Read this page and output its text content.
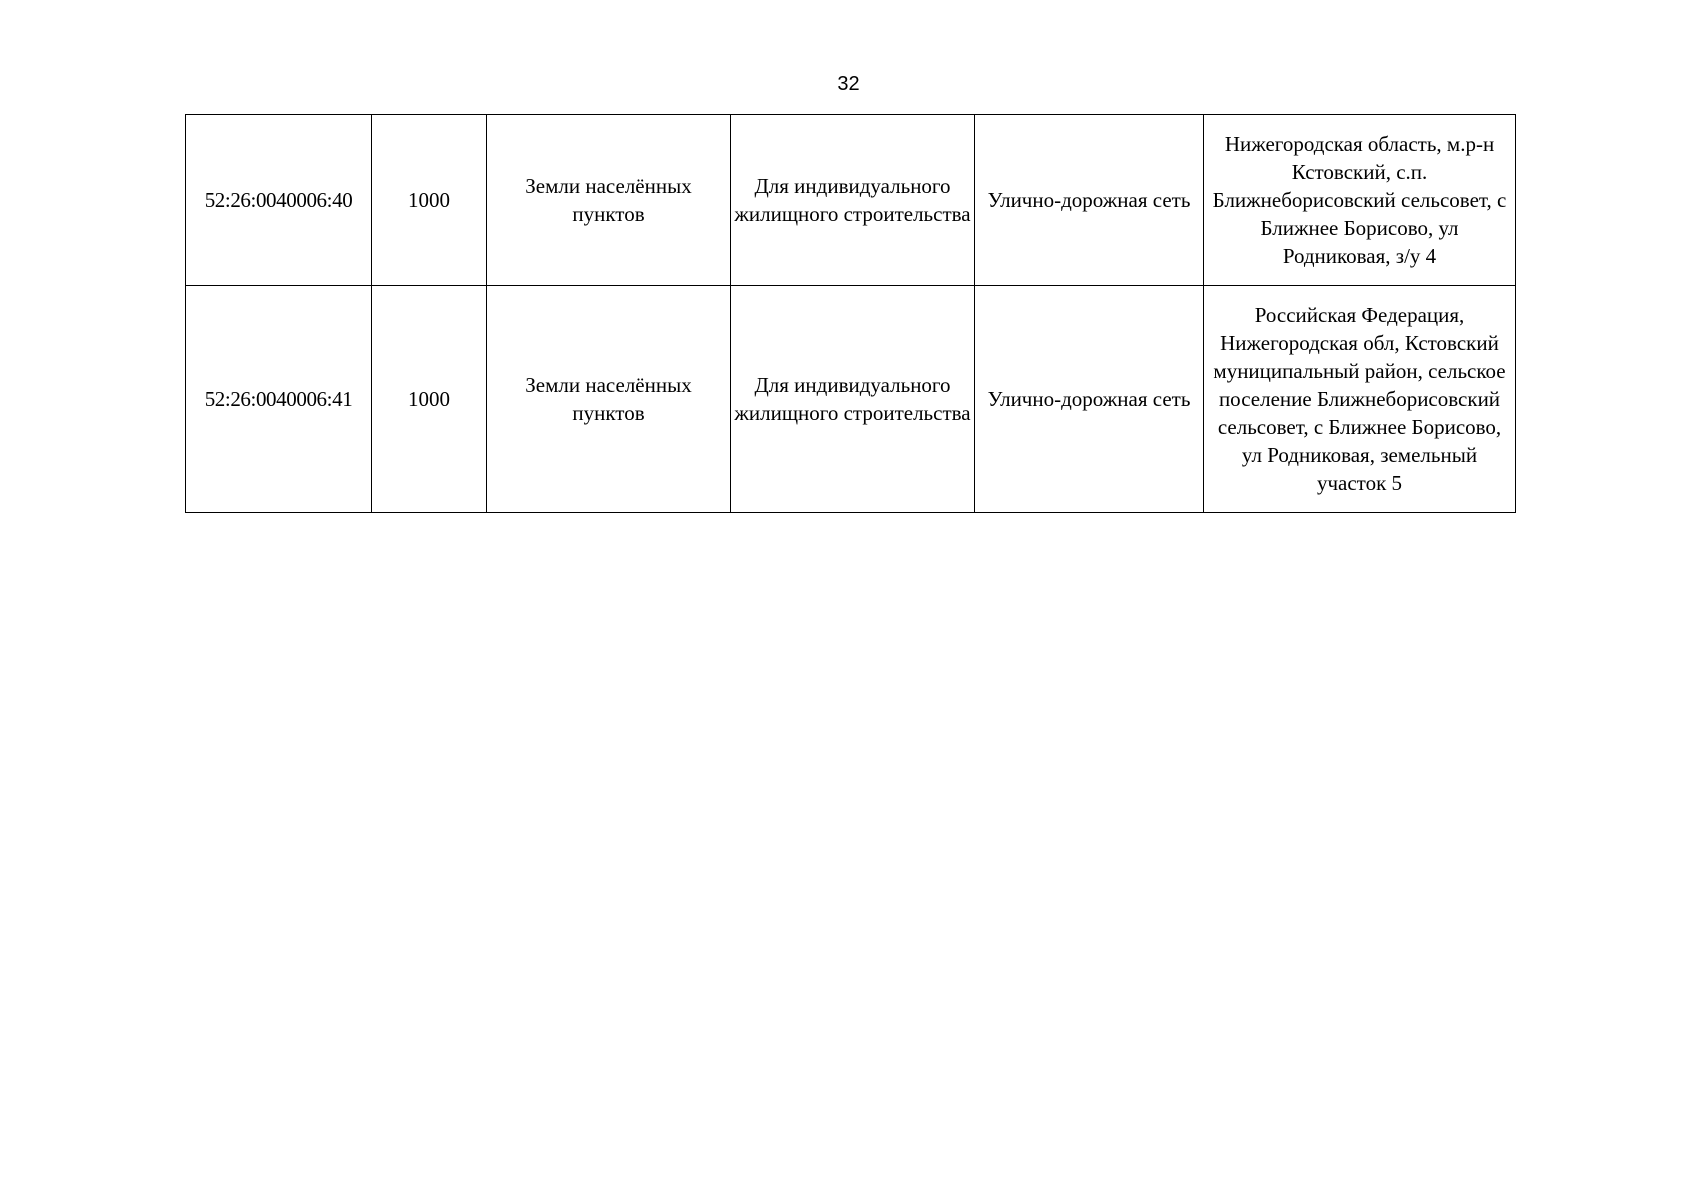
32
52:26:0040006:40	1000	Земли населённых пунктов	Для индивидуального жилищного строительства	Улично-дорожная сеть	Нижегородская область, м.р-н Кстовский, с.п. Ближнеборисовский сельсовет, с Ближнее Борисово, ул Родниковая, з/у 4
52:26:0040006:41	1000	Земли населённых пунктов	Для индивидуального жилищного строительства	Улично-дорожная сеть	Российская Федерация, Нижегородская обл, Кстовский муниципальный район, сельское поселение Ближнеборисовский сельсовет, с Ближнее Борисово, ул Родниковая, земельный участок 5
